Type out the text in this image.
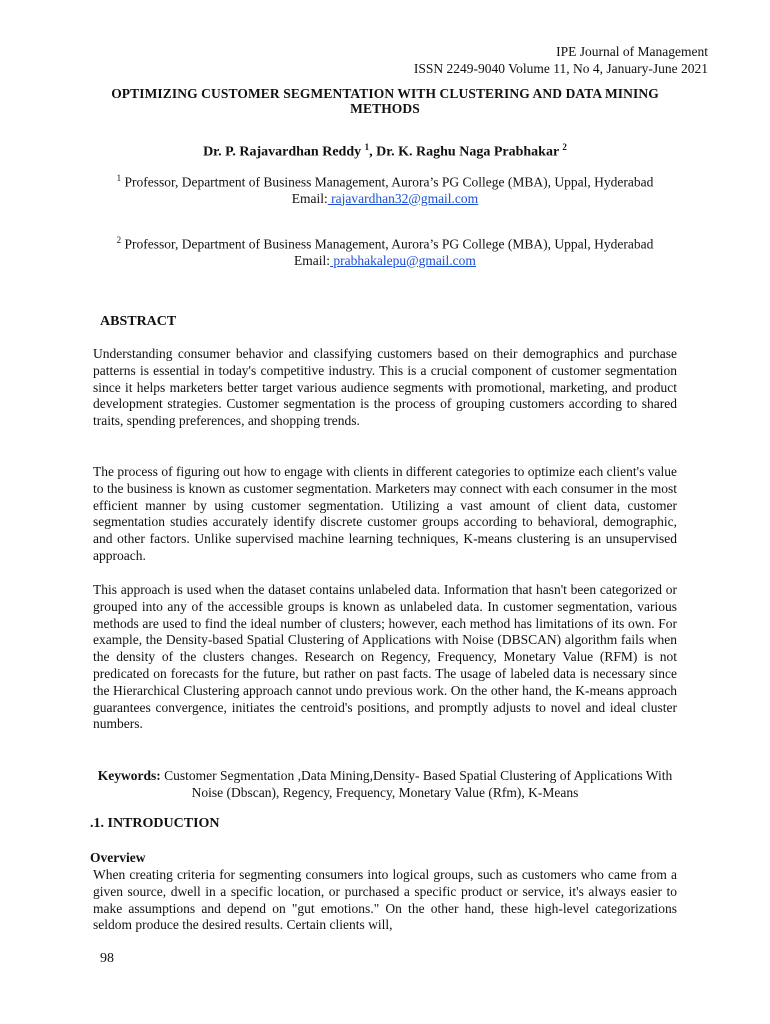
IPE Journal of Management
ISSN 2249-9040 Volume 11, No 4, January-June 2021
OPTIMIZING CUSTOMER SEGMENTATION WITH CLUSTERING AND DATA MINING METHODS
Dr. P. Rajavardhan Reddy $^1$, Dr. K. Raghu Naga Prabhakar $^2$
$^1$ Professor, Department of Business Management, Aurora’s PG College (MBA), Uppal, Hyderabad
Email: rajavardhan32@gmail.com
$^2$ Professor, Department of Business Management, Aurora’s PG College (MBA), Uppal, Hyderabad
Email: prabhakalepu@gmail.com
ABSTRACT

Understanding consumer behavior and classifying customers based on their demographics and purchase patterns is essential in today's competitive industry. This is a crucial component of customer segmentation since it helps marketers better target various audience segments with promotional, marketing, and product development strategies. Customer segmentation is the process of grouping customers according to shared traits, spending preferences, and shopping trends.

The process of figuring out how to engage with clients in different categories to optimize each client's value to the business is known as customer segmentation. Marketers may connect with each consumer in the most efficient manner by using customer segmentation. Utilizing a vast amount of client data, customer segmentation studies accurately identify discrete customer groups according to behavioral, demographic, and other factors. Unlike supervised machine learning techniques, K-means clustering is an unsupervised approach.

This approach is used when the dataset contains unlabeled data. Information that hasn't been categorized or grouped into any of the accessible groups is known as unlabeled data. In customer segmentation, various methods are used to find the ideal number of clusters; however, each method has limitations of its own. For example, the Density-based Spatial Clustering of Applications with Noise (DBSCAN) algorithm fails when the density of the clusters changes. Research on Regency, Frequency, Monetary Value (RFM) is not predicated on forecasts for the future, but rather on past facts. The usage of labeled data is necessary since the Hierarchical Clustering approach cannot undo previous work. On the other hand, the K-means approach guarantees convergence, initiates the centroid's positions, and promptly adjusts to novel and ideal cluster numbers.

Keywords: Customer Segmentation ,Data Mining,Density- Based Spatial Clustering of Applications With Noise (Dbscan), Regency, Frequency, Monetary Value (Rfm), K-Means
.1. INTRODUCTION
Overview

When creating criteria for segmenting consumers into logical groups, such as customers who came from a given source, dwell in a specific location, or purchased a specific product or service, it's always easier to make assumptions and depend on "gut emotions." On the other hand, these high-level categorizations seldom produce the desired results. Certain clients will,

98
